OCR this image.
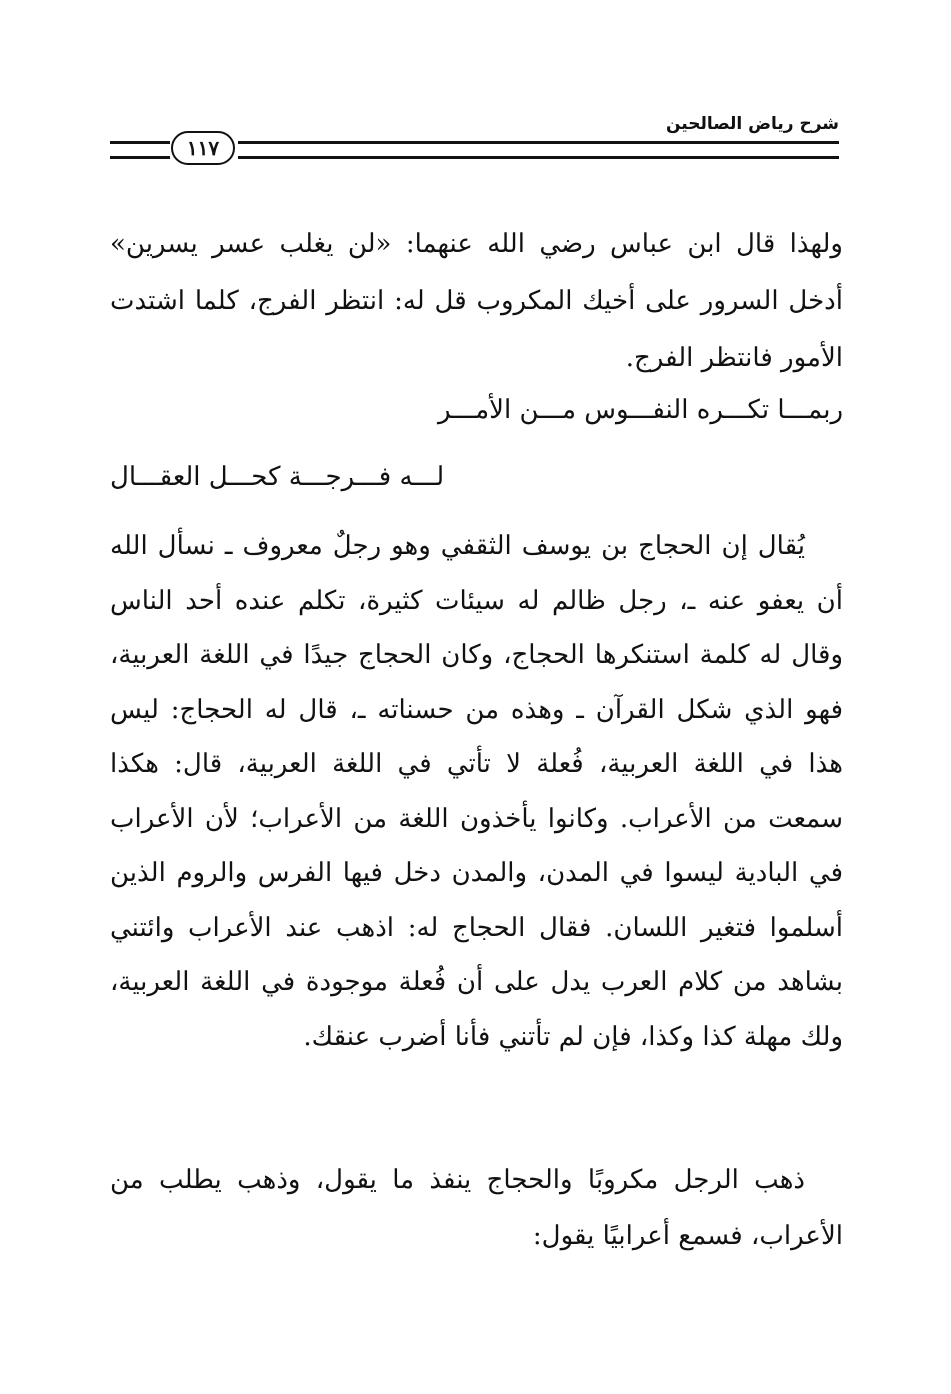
شرح رياض الصالحين
١١٧

ولهذا قال ابن عباس رضي الله عنهما: «لن يغلب عسر يسرين» أدخل السرور على أخيك المكروب قل له: انتظر الفرج، كلما اشتدت الأمور فانتظر الفرج.

ربمـــا تكـــره النفـــوس مـــن الأمـــر

لـــه فـــرجـــة كحـــل العقـــال

يُقال إن الحجاج بن يوسف الثقفي وهو رجلٌ معروف ـ نسأل الله أن يعفو عنه ـ، رجل ظالم له سيئات كثيرة، تكلم عنده أحد الناس وقال له كلمة استنكرها الحجاج، وكان الحجاج جيدًا في اللغة العربية، فهو الذي شكل القرآن ـ وهذه من حسناته ـ، قال له الحجاج: ليس هذا في اللغة العربية، فُعلة لا تأتي في اللغة العربية، قال: هكذا سمعت من الأعراب. وكانوا يأخذون اللغة من الأعراب؛ لأن الأعراب في البادية ليسوا في المدن، والمدن دخل فيها الفرس والروم الذين أسلموا فتغير اللسان. فقال الحجاج له: اذهب عند الأعراب وائتني بشاهد من كلام العرب يدل على أن فُعلة موجودة في اللغة العربية، ولك مهلة كذا وكذا، فإن لم تأتني فأنا أضرب عنقك.

ذهب الرجل مكروبًا والحجاج ينفذ ما يقول، وذهب يطلب من الأعراب، فسمع أعرابيًا يقول:
